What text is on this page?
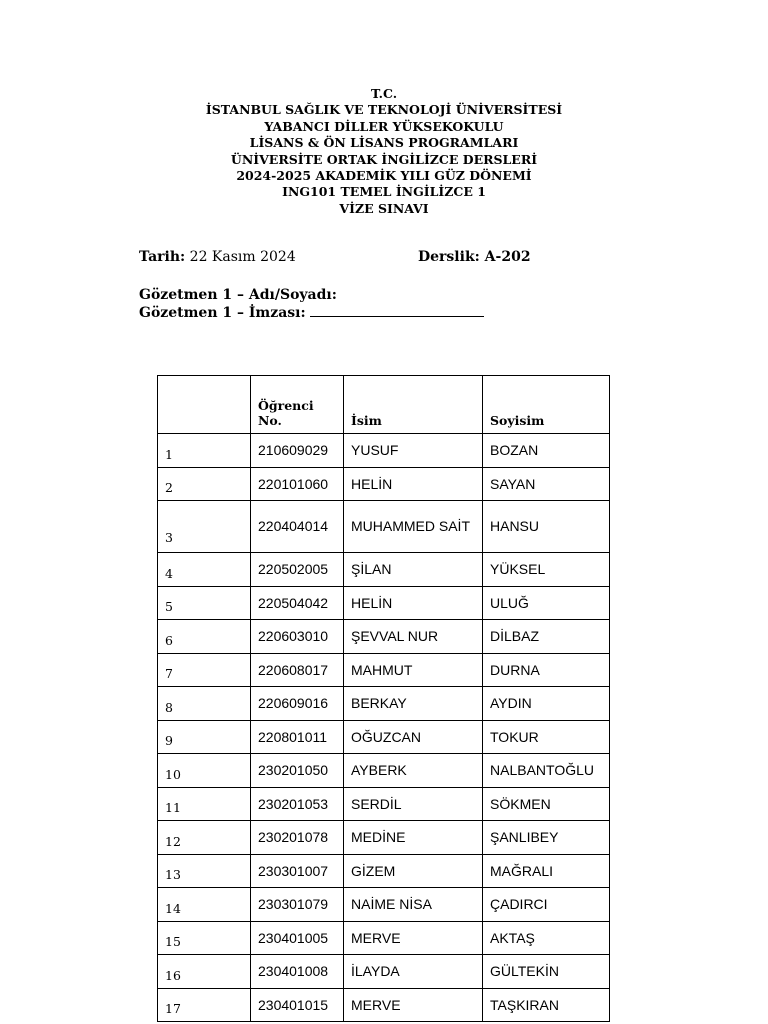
T.C.
İSTANBUL SAĞLIK VE TEKNOLOJİ ÜNİVERSİTESİ
YABANCI DİLLER YÜKSEKOKULU
LİSANS & ÖN LİSANS PROGRAMLARI
ÜNİVERSİTE ORTAK İNGİLİZCE DERSLERİ
2024-2025 AKADEMİK YILI GÜZ DÖNEMİ
ING101 TEMEL İNGİLİZCE 1
VİZE SINAVI
Tarih: 22 Kasım 2024	Derslik: A-202
Gözetmen 1 – Adı/Soyadı:
Gözetmen 1 – İmzası:
	Öğrenci No.	İsim	Soyisim
1	210609029	YUSUF	BOZAN
2	220101060	HELİN	SAYAN
3	220404014	MUHAMMED SAİT	HANSU
4	220502005	ŞİLAN	YÜKSEL
5	220504042	HELİN	ULUĞ
6	220603010	ŞEVVAL NUR	DİLBAZ
7	220608017	MAHMUT	DURNA
8	220609016	BERKAY	AYDIN
9	220801011	OĞUZCAN	TOKUR
10	230201050	AYBERK	NALBANTOĞLU
11	230201053	SERDİL	SÖKMEN
12	230201078	MEDİNE	ŞANLIBEY
13	230301007	GİZEM	MAĞRALI
14	230301079	NAİME NİSA	ÇADIRCI
15	230401005	MERVE	AKTAŞ
16	230401008	İLAYDA	GÜLTEKİN
17	230401015	MERVE	TAŞKIRAN
